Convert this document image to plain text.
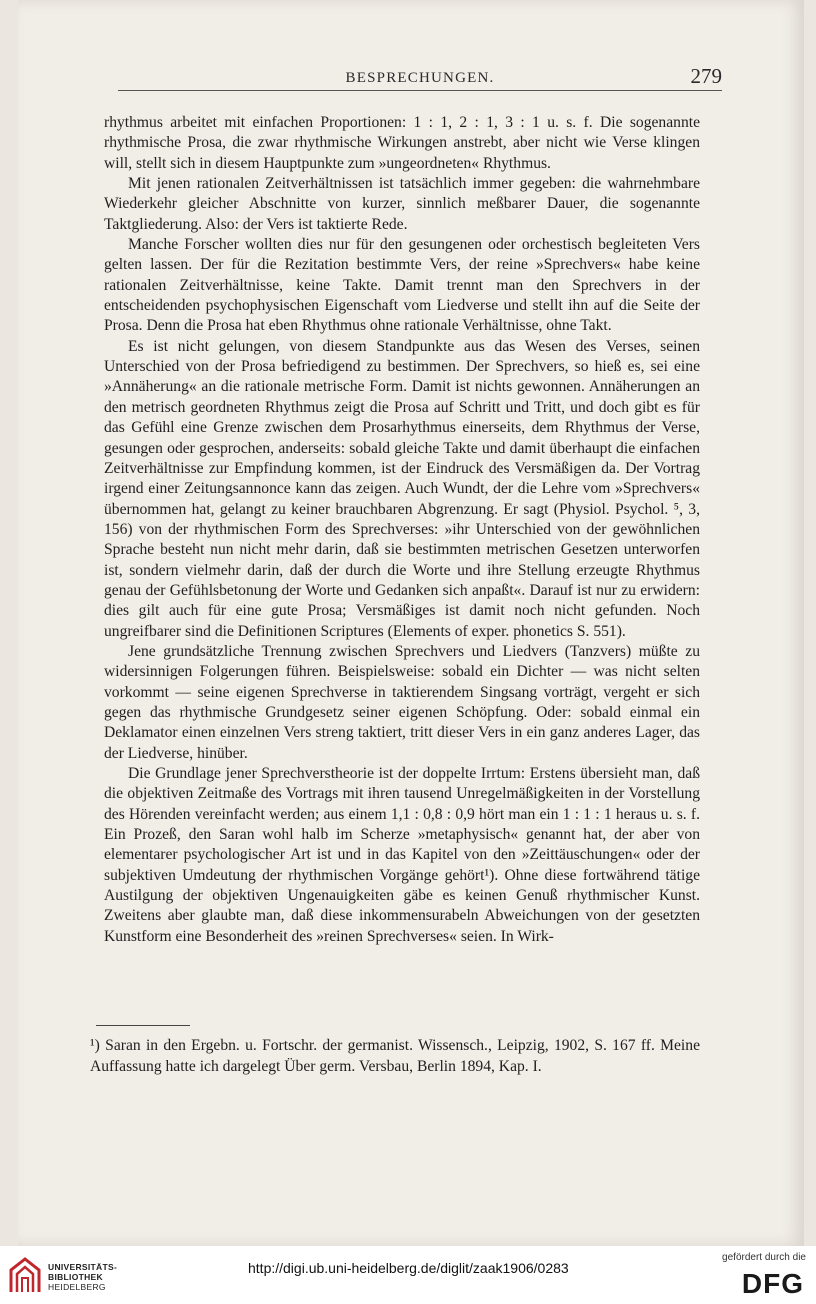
BESPRECHUNGEN.	279

rhythmus arbeitet mit einfachen Proportionen: 1 : 1, 2 : 1, 3 : 1 u. s. f. Die sogenannte rhythmische Prosa, die zwar rhythmische Wirkungen anstrebt, aber nicht wie Verse klingen will, stellt sich in diesem Hauptpunkte zum »ungeordneten« Rhythmus.

Mit jenen rationalen Zeitverhältnissen ist tatsächlich immer gegeben: die wahrnehmbare Wiederkehr gleicher Abschnitte von kurzer, sinnlich meßbarer Dauer, die sogenannte Taktgliederung. Also: der Vers ist taktierte Rede.

Manche Forscher wollten dies nur für den gesungenen oder orchestisch begleiteten Vers gelten lassen. Der für die Rezitation bestimmte Vers, der reine »Sprechvers« habe keine rationalen Zeitverhältnisse, keine Takte. Damit trennt man den Sprechvers in der entscheidenden psychophysischen Eigenschaft vom Liedverse und stellt ihn auf die Seite der Prosa. Denn die Prosa hat eben Rhythmus ohne rationale Verhältnisse, ohne Takt.

Es ist nicht gelungen, von diesem Standpunkte aus das Wesen des Verses, seinen Unterschied von der Prosa befriedigend zu bestimmen. Der Sprechvers, so hieß es, sei eine »Annäherung« an die rationale metrische Form. Damit ist nichts gewonnen. Annäherungen an den metrisch geordneten Rhythmus zeigt die Prosa auf Schritt und Tritt, und doch gibt es für das Gefühl eine Grenze zwischen dem Prosarhythmus einerseits, dem Rhythmus der Verse, gesungen oder gesprochen, anderseits: sobald gleiche Takte und damit überhaupt die einfachen Zeitverhältnisse zur Empfindung kommen, ist der Eindruck des Versmäßigen da. Der Vortrag irgend einer Zeitungsannonce kann das zeigen. Auch Wundt, der die Lehre vom »Sprechvers« übernommen hat, gelangt zu keiner brauchbaren Abgrenzung. Er sagt (Physiol. Psychol. ⁵, 3, 156) von der rhythmischen Form des Sprechverses: »ihr Unterschied von der gewöhnlichen Sprache besteht nun nicht mehr darin, daß sie bestimmten metrischen Gesetzen unterworfen ist, sondern vielmehr darin, daß der durch die Worte und ihre Stellung erzeugte Rhythmus genau der Gefühlsbetonung der Worte und Gedanken sich anpaßt«. Darauf ist nur zu erwidern: dies gilt auch für eine gute Prosa; Versmäßiges ist damit noch nicht gefunden. Noch ungreifbarer sind die Definitionen Scriptures (Elements of exper. phonetics S. 551).

Jene grundsätzliche Trennung zwischen Sprechvers und Liedvers (Tanzvers) müßte zu widersinnigen Folgerungen führen. Beispielsweise: sobald ein Dichter — was nicht selten vorkommt — seine eigenen Sprechverse in taktierendem Singsang vorträgt, vergeht er sich gegen das rhythmische Grundgesetz seiner eigenen Schöpfung. Oder: sobald einmal ein Deklamator einen einzelnen Vers streng taktiert, tritt dieser Vers in ein ganz anderes Lager, das der Liedverse, hinüber.

Die Grundlage jener Sprechverstheorie ist der doppelte Irrtum: Erstens übersieht man, daß die objektiven Zeitmaße des Vortrags mit ihren tausend Unregelmäßigkeiten in der Vorstellung des Hörenden vereinfacht werden; aus einem 1,1 : 0,8 : 0,9 hört man ein 1 : 1 : 1 heraus u. s. f. Ein Prozeß, den Saran wohl halb im Scherze »metaphysisch« genannt hat, der aber von elementarer psychologischer Art ist und in das Kapitel von den »Zeittäuschungen« oder der subjektiven Umdeutung der rhythmischen Vorgänge gehört¹). Ohne diese fortwährend tätige Austilgung der objektiven Ungenauigkeiten gäbe es keinen Genuß rhythmischer Kunst. Zweitens aber glaubte man, daß diese inkommensurabeln Abweichungen von der gesetzten Kunstform eine Besonderheit des »reinen Sprechverses« seien. In Wirk-

¹) Saran in den Ergebn. u. Fortschr. der germanist. Wissensch., Leipzig, 1902, S. 167 ff. Meine Auffassung hatte ich dargelegt Über germ. Versbau, Berlin 1894, Kap. I.
UNIVERSITÄTS-
BIBLIOTHEK
HEIDELBERG
http://digi.ub.uni-heidelberg.de/diglit/zaak1906/0283
gefördert durch die
DFG
